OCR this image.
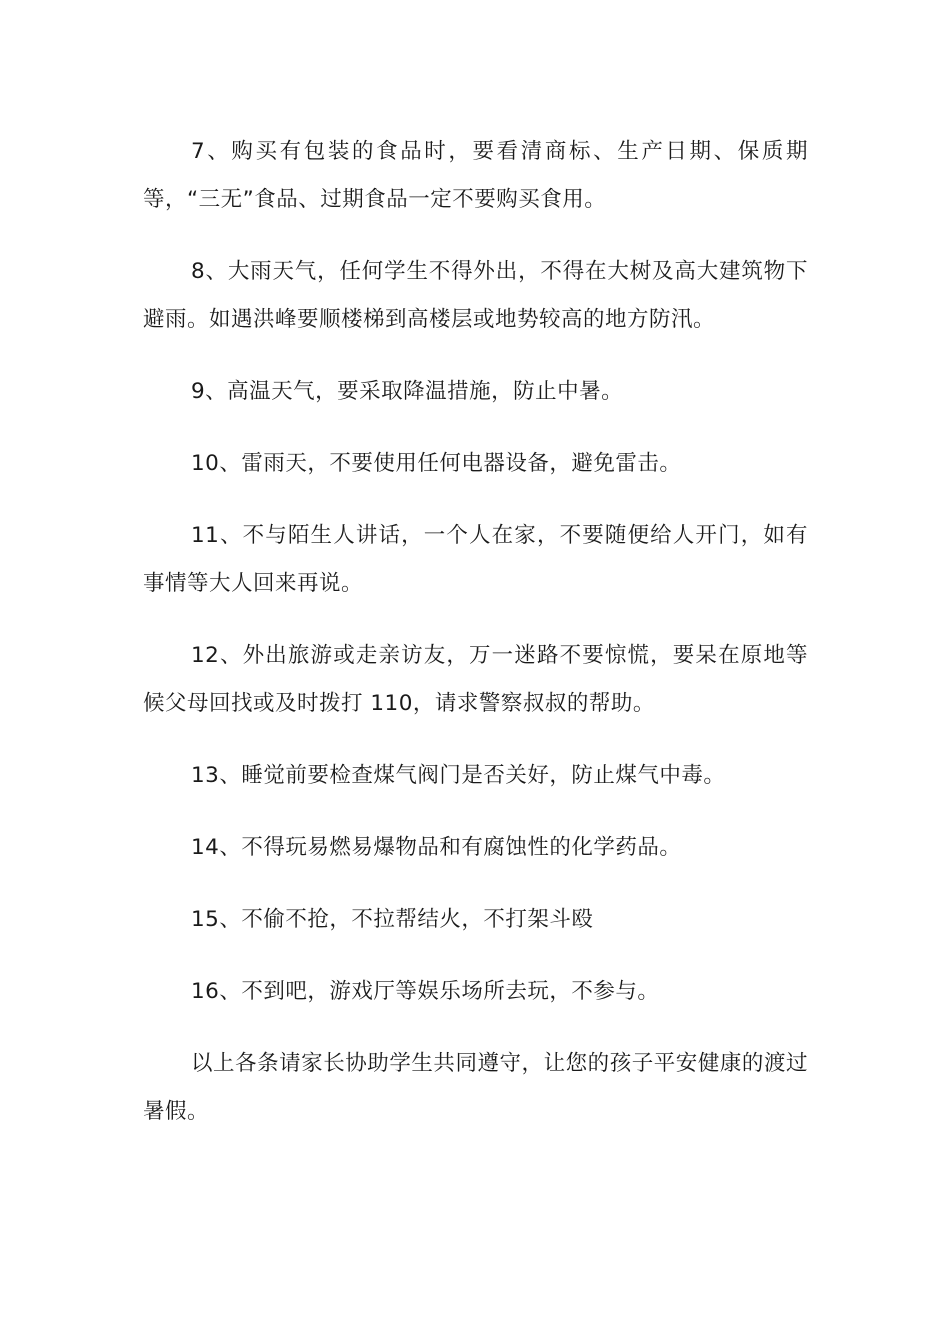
7、购买有包装的食品时，要看清商标、生产日期、保质期等，“三无”食品、过期食品一定不要购买食用。

8、大雨天气，任何学生不得外出，不得在大树及高大建筑物下避雨。如遇洪峰要顺楼梯到高楼层或地势较高的地方防汛。

9、高温天气，要采取降温措施，防止中暑。

10、雷雨天，不要使用任何电器设备，避免雷击。

11、不与陌生人讲话，一个人在家，不要随便给人开门，如有事情等大人回来再说。

12、外出旅游或走亲访友，万一迷路不要惊慌，要呆在原地等候父母回找或及时拨打 110，请求警察叔叔的帮助。

13、睡觉前要检查煤气阀门是否关好，防止煤气中毒。

14、不得玩易燃易爆物品和有腐蚀性的化学药品。

15、不偷不抢，不拉帮结火，不打架斗殴

16、不到吧，游戏厅等娱乐场所去玩，不参与。

以上各条请家长协助学生共同遵守，让您的孩子平安健康的渡过暑假。
